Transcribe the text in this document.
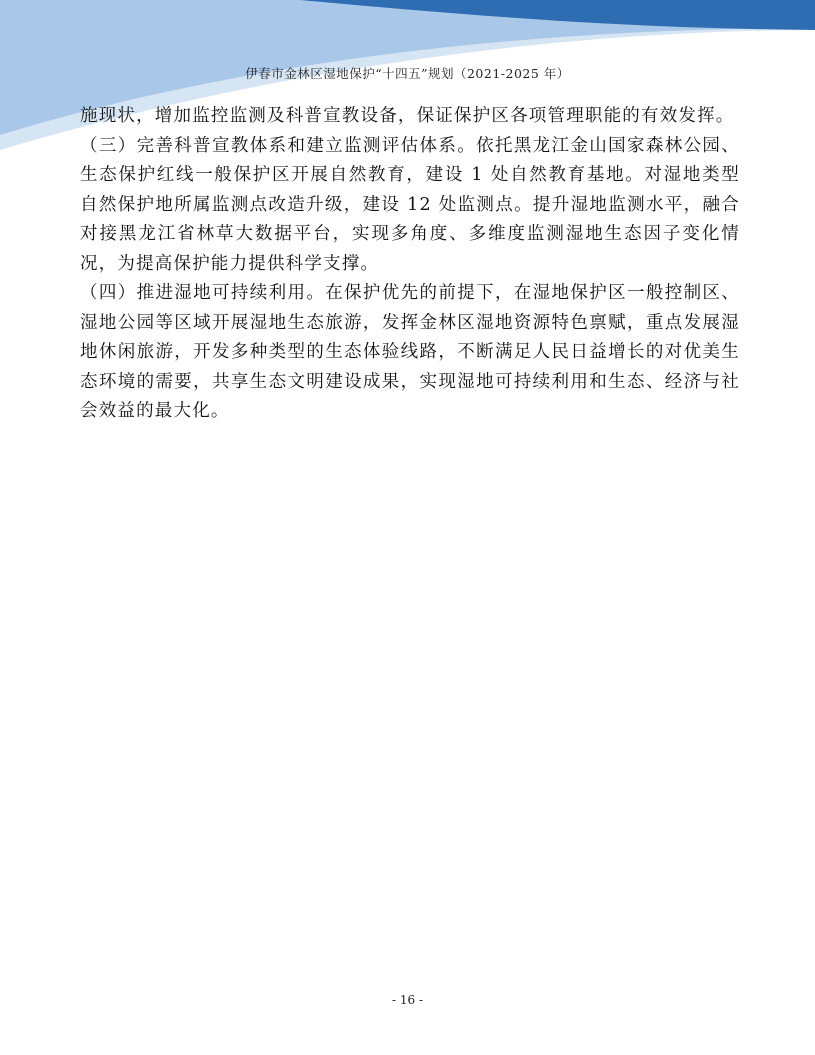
伊春市金林区湿地保护“十四五”规划（2021-2025 年）

施现状，增加监控监测及科普宣教设备，保证保护区各项管理职能的有效发挥。

（三）完善科普宣教体系和建立监测评估体系。依托黑龙江金山国家森林公园、生态保护红线一般保护区开展自然教育，建设 1 处自然教育基地。对湿地类型自然保护地所属监测点改造升级，建设 12 处监测点。提升湿地监测水平，融合对接黑龙江省林草大数据平台，实现多角度、多维度监测湿地生态因子变化情况，为提高保护能力提供科学支撑。

（四）推进湿地可持续利用。在保护优先的前提下，在湿地保护区一般控制区、湿地公园等区域开展湿地生态旅游，发挥金林区湿地资源特色禀赋，重点发展湿地休闲旅游，开发多种类型的生态体验线路，不断满足人民日益增长的对优美生态环境的需要，共享生态文明建设成果，实现湿地可持续利用和生态、经济与社会效益的最大化。

- 16 -
